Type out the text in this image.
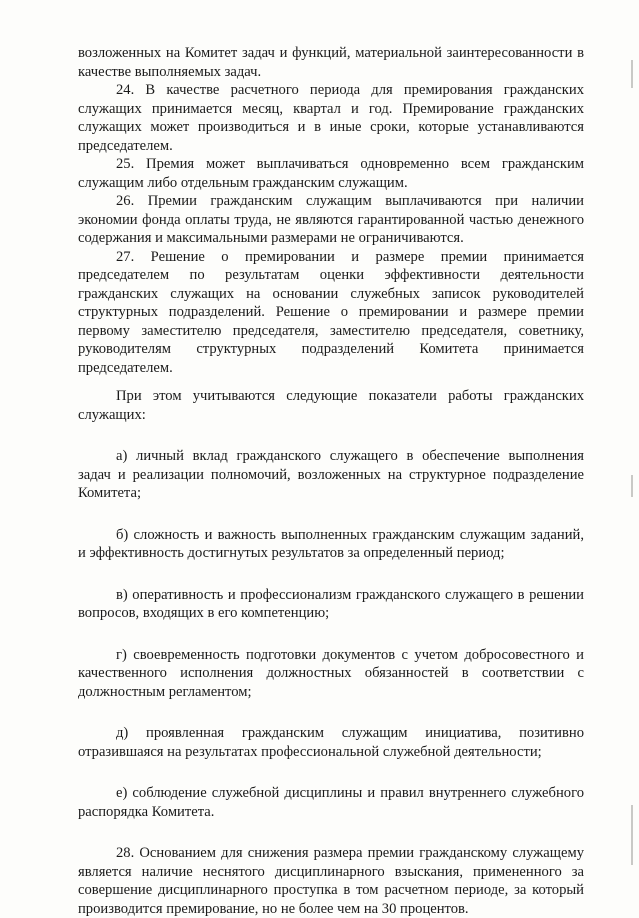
возложенных на Комитет задач и функций, материальной заинтересованности в качестве выполняемых задач.

24. В качестве расчетного периода для премирования гражданских служащих принимается месяц, квартал и год. Премирование гражданских служащих может производиться и в иные сроки, которые устанавливаются председателем.

25. Премия может выплачиваться одновременно всем гражданским служащим либо отдельным гражданским служащим.

26. Премии гражданским служащим выплачиваются при наличии экономии фонда оплаты труда, не являются гарантированной частью денежного содержания и максимальными размерами не ограничиваются.

27. Решение о премировании и размере премии принимается председателем по результатам оценки эффективности деятельности гражданских служащих на основании служебных записок руководителей структурных подразделений. Решение о премировании и размере премии первому заместителю председателя, заместителю председателя, советнику, руководителям структурных подразделений Комитета принимается председателем.

При этом учитываются следующие показатели работы гражданских служащих:

а) личный вклад гражданского служащего в обеспечение выполнения задач и реализации полномочий, возложенных на структурное подразделение Комитета;

б) сложность и важность выполненных гражданским служащим заданий, и эффективность достигнутых результатов за определенный период;

в) оперативность и профессионализм гражданского служащего в решении вопросов, входящих в его компетенцию;

г) своевременность подготовки документов с учетом добросовестного и качественного исполнения должностных обязанностей в соответствии с должностным регламентом;

д) проявленная гражданским служащим инициатива, позитивно отразившаяся на результатах профессиональной служебной деятельности;

е) соблюдение служебной дисциплины и правил внутреннего служебного распорядка Комитета.

28. Основанием для снижения размера премии гражданскому служащему является наличие неснятого дисциплинарного взыскания, примененного за совершение дисциплинарного проступка в том расчетном периоде, за который производится премирование, но не более чем на 30 процентов.
